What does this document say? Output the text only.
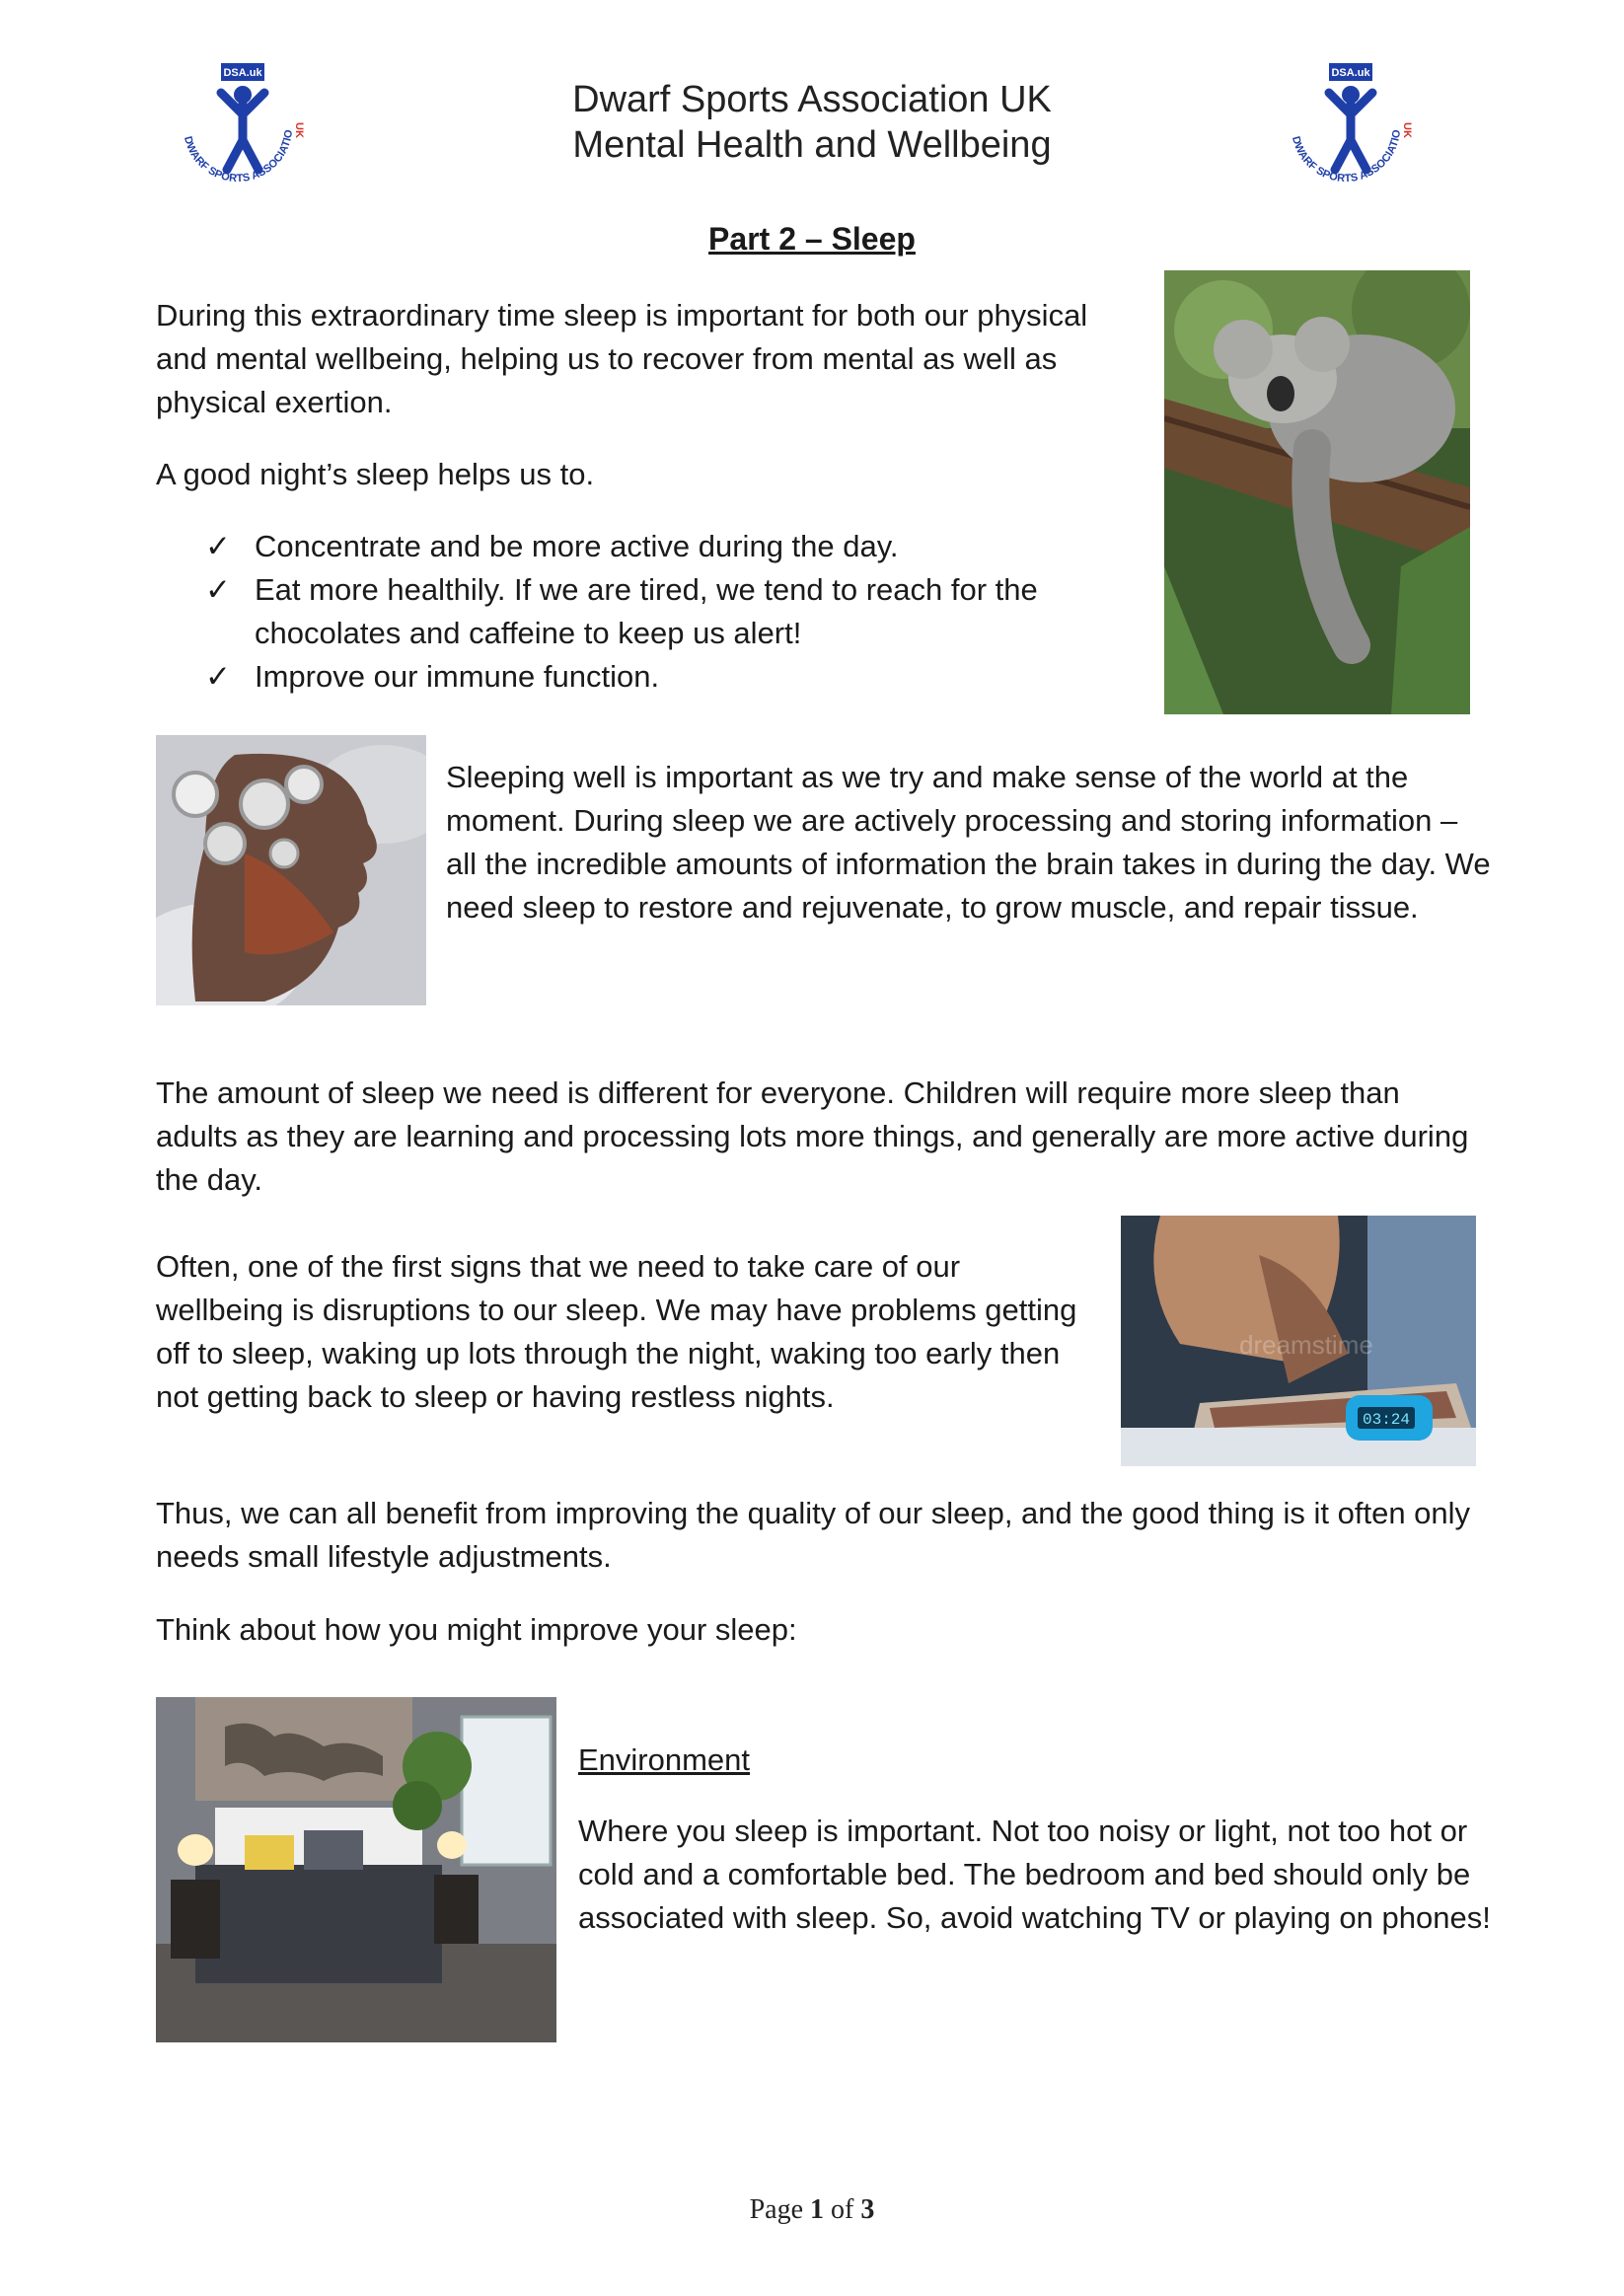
DSA.uk
DWARF SPORTS ASSOCIATIO
UK
DSA.uk
DWARF SPORTS ASSOCIATIO
UK
Dwarf Sports Association UK
Mental Health and Wellbeing
Part 2 – Sleep

During this extraordinary time sleep is important for both our physical and mental wellbeing, helping us to recover from mental as well as physical exertion.

A good night’s sleep helps us to.

✓ Concentrate and be more active during the day.
✓ Eat more healthily. If we are tired, we tend to reach for the chocolates and caffeine to keep us alert!
✓ Improve our immune function.
Sleeping well is important as we try and make sense of the world at the moment. During sleep we are actively processing and storing information – all the incredible amounts of information the brain takes in during the day. We need sleep to restore and rejuvenate, to grow muscle, and repair tissue.
The amount of sleep we need is different for everyone. Children will require more sleep than adults as they are learning and processing lots more things, and generally are more active during the day.
Often, one of the first signs that we need to take care of our wellbeing is disruptions to our sleep. We may have problems getting off to sleep, waking up lots through the night, waking too early then not getting back to sleep or having restless nights.
03:24
dreamstime
Thus, we can all benefit from improving the quality of our sleep, and the good thing is it often only needs small lifestyle adjustments.
Think about how you might improve your sleep:
Environment

Where you sleep is important. Not too noisy or light, not too hot or cold and a comfortable bed. The bedroom and bed should only be associated with sleep. So, avoid watching TV or playing on phones!

Page 1 of 3
